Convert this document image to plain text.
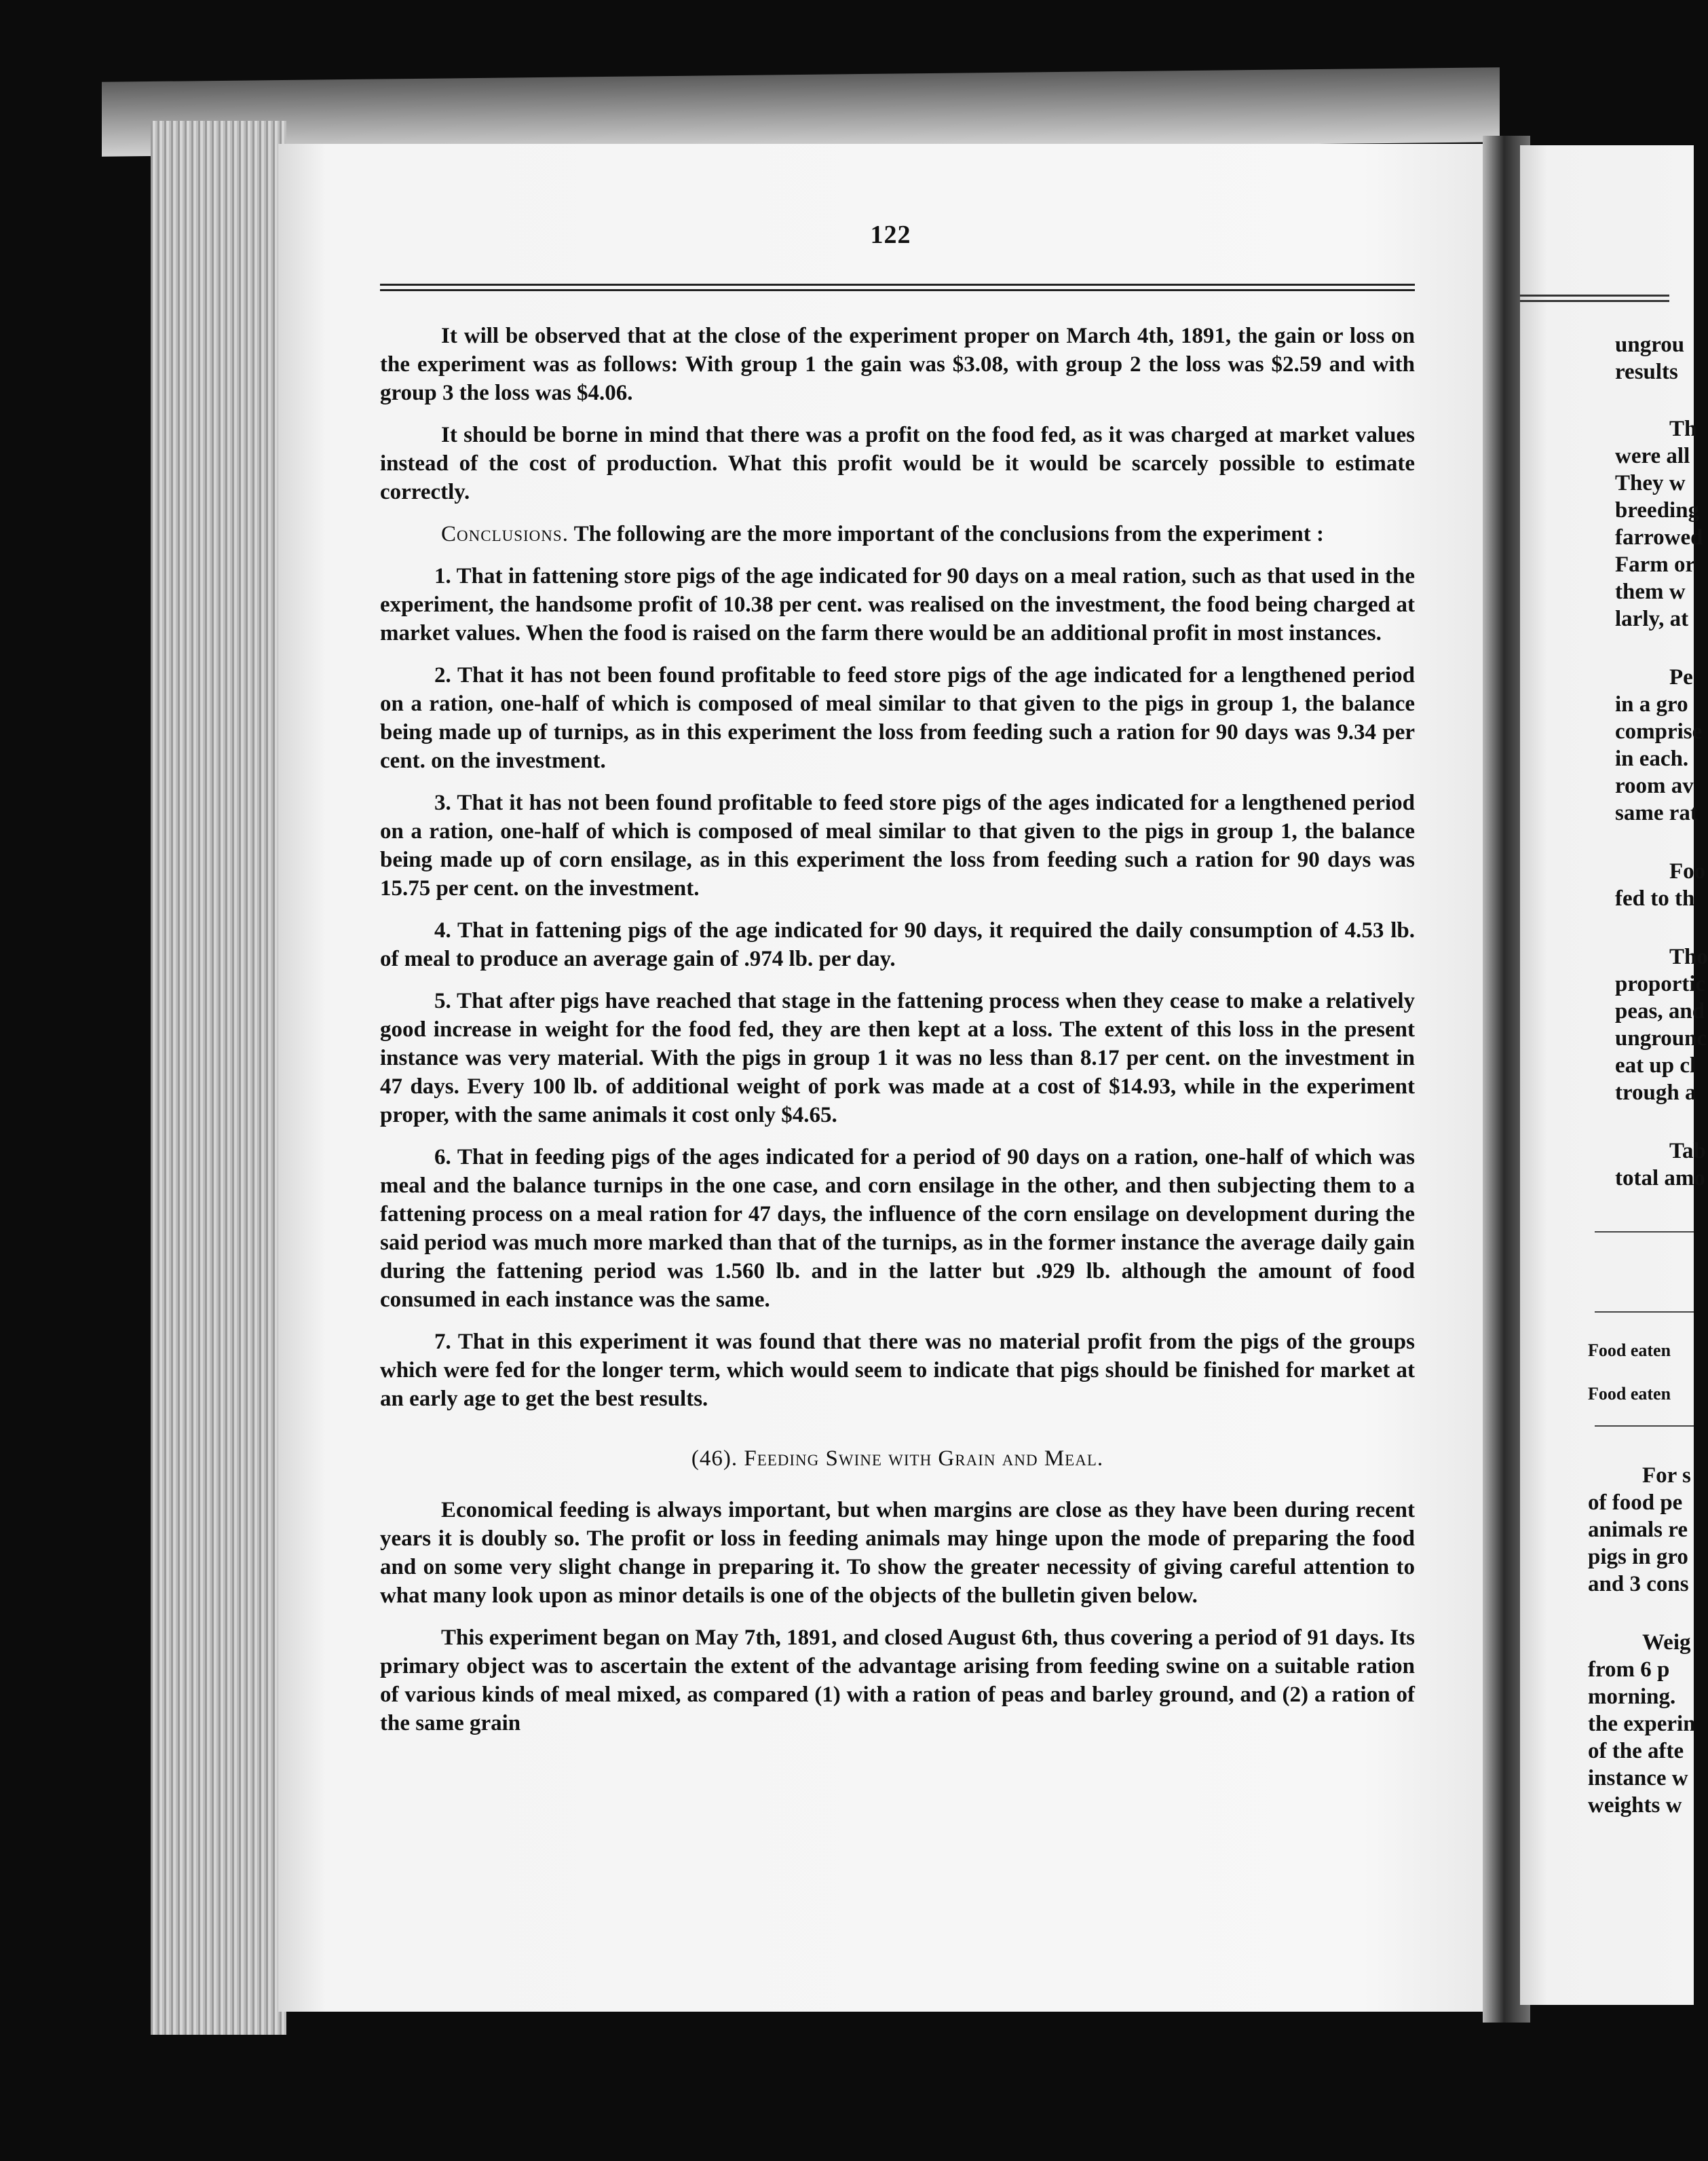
122

It will be observed that at the close of the experiment proper on March 4th, 1891, the gain or loss on the experiment was as follows: With group 1 the gain was $3.08, with group 2 the loss was $2.59 and with group 3 the loss was $4.06.

It should be borne in mind that there was a profit on the food fed, as it was charged at market values instead of the cost of production. What this profit would be it would be scarcely possible to estimate correctly.

Conclusions. The following are the more important of the conclusions from the experiment :

1. That in fattening store pigs of the age indicated for 90 days on a meal ration, such as that used in the experiment, the handsome profit of 10.38 per cent. was realised on the investment, the food being charged at market values. When the food is raised on the farm there would be an additional profit in most instances.

2. That it has not been found profitable to feed store pigs of the age indicated for a lengthened period on a ration, one-half of which is composed of meal similar to that given to the pigs in group 1, the balance being made up of turnips, as in this experiment the loss from feeding such a ration for 90 days was 9.34 per cent. on the investment.

3. That it has not been found profitable to feed store pigs of the ages indicated for a lengthened period on a ration, one-half of which is composed of meal similar to that given to the pigs in group 1, the balance being made up of corn ensilage, as in this experiment the loss from feeding such a ration for 90 days was 15.75 per cent. on the investment.

4. That in fattening pigs of the age indicated for 90 days, it required the daily consumption of 4.53 lb. of meal to produce an average gain of .974 lb. per day.

5. That after pigs have reached that stage in the fattening process when they cease to make a relatively good increase in weight for the food fed, they are then kept at a loss. The extent of this loss in the present instance was very material. With the pigs in group 1 it was no less than 8.17 per cent. on the investment in 47 days. Every 100 lb. of additional weight of pork was made at a cost of $14.93, while in the experiment proper, with the same animals it cost only $4.65.

6. That in feeding pigs of the ages indicated for a period of 90 days on a ration, one-half of which was meal and the balance turnips in the one case, and corn ensilage in the other, and then subjecting them to a fattening process on a meal ration for 47 days, the influence of the corn ensilage on development during the said period was much more marked than that of the turnips, as in the former instance the average daily gain during the fattening period was 1.560 lb. and in the latter but .929 lb. although the amount of food consumed in each instance was the same.

7. That in this experiment it was found that there was no material profit from the pigs of the groups which were fed for the longer term, which would seem to indicate that pigs should be finished for market at an early age to get the best results.

(46). Feeding Swine with Grain and Meal.

Economical feeding is always important, but when margins are close as they have been during recent years it is doubly so. The profit or loss in feeding animals may hinge upon the mode of preparing the food and on some very slight change in preparing it. To show the greater necessity of giving careful attention to what many look upon as minor details is one of the objects of the bulletin given below.

This experiment began on May 7th, 1891, and closed August 6th, thus covering a period of 91 days. Its primary object was to ascertain the extent of the advantage arising from feeding swine on a suitable ration of various kinds of meal mixed, as compared (1) with a ration of peas and barley ground, and (2) a ration of the same grain

ungrou
results
Th
were all
They w
breeding
farrowed
Farm or
them w
larly, at
Pe
in a gro
comprise
in each.
room av
same rat
Foo
fed to th
Tho
proportic
peas, and
ungrounc
eat up cl
trough a
Tab
total amo
Food eaten
Food eaten
For s
of food pe
animals re
pigs in gro
and 3 cons
Weig
from 6 p
morning.
the experin
of the afte
instance w
weights w
